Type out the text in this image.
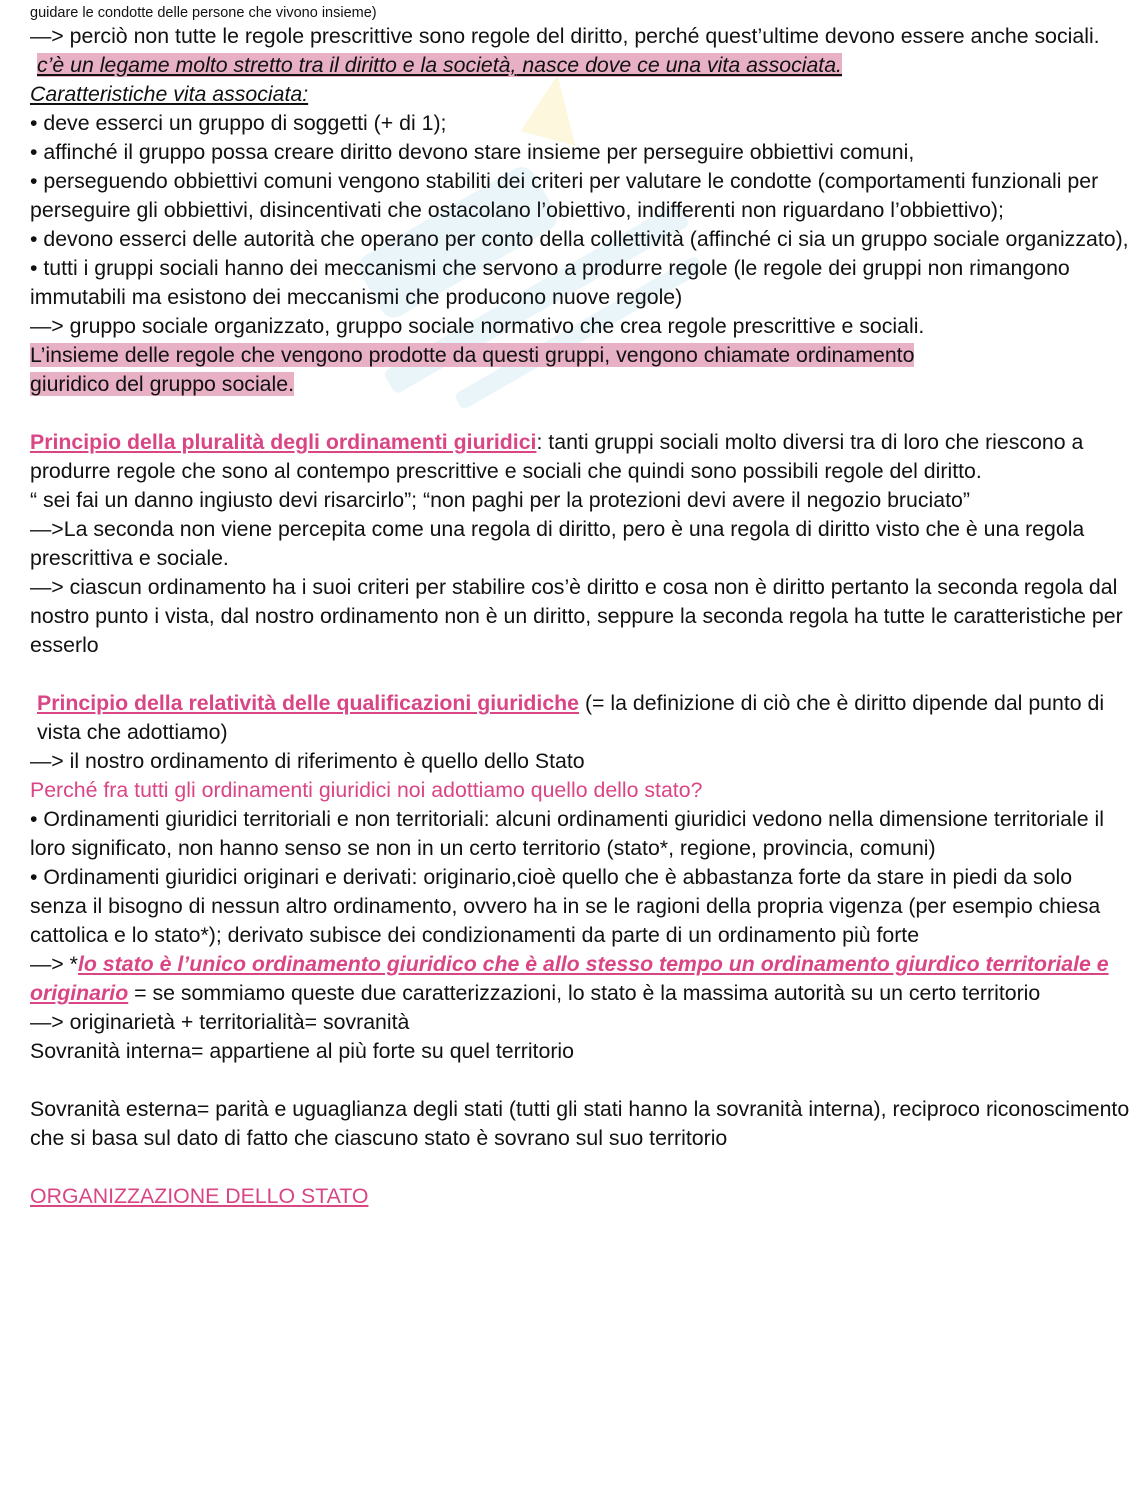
guidare le condotte delle persone che vivono insieme)

—> perciò non tutte le regole prescrittive sono regole del diritto, perché quest’ultime devono essere anche sociali.

c’è un legame molto stretto tra il diritto e la società, nasce dove ce una vita associata.

Caratteristiche vita associata:

• deve esserci un gruppo di soggetti (+ di 1);

• affinché il gruppo possa creare diritto devono stare insieme per perseguire obbiettivi comuni,

• perseguendo obbiettivi comuni vengono stabiliti dei criteri per valutare le condotte (comportamenti funzionali per perseguire gli obbiettivi, disincentivati che ostacolano l’obiettivo, indifferenti non riguardano l’obbiettivo);

• devono esserci delle autorità che operano per conto della collettività (affinché ci sia un gruppo sociale organizzato),

• tutti i gruppi sociali hanno dei meccanismi che servono a produrre regole (le regole dei gruppi non rimangono immutabili ma esistono dei meccanismi che producono nuove regole)

—> gruppo sociale organizzato, gruppo sociale normativo che crea regole prescrittive e sociali.

L’insieme delle regole che vengono prodotte da questi gruppi, vengono chiamate ordinamento
giuridico del gruppo sociale.

Principio della pluralità degli ordinamenti giuridici: tanti gruppi sociali molto diversi tra di loro che riescono a produrre regole che sono al contempo prescrittive e sociali che quindi sono possibili regole del diritto.

“ sei fai un danno ingiusto devi risarcirlo”; “non paghi per la protezioni devi avere il negozio bruciato”

—>La seconda non viene percepita come una regola di diritto, pero è una regola di diritto visto che è una regola prescrittiva e sociale.

—> ciascun ordinamento ha i suoi criteri per stabilire cos’è diritto e cosa non è diritto pertanto la seconda regola dal nostro punto i vista, dal nostro ordinamento non è un diritto, seppure la seconda regola ha tutte le caratteristiche per esserlo

Principio della relatività delle qualificazioni giuridiche (= la definizione di ciò che è diritto dipende dal punto di vista che adottiamo)

—> il nostro ordinamento di riferimento è quello dello Stato

Perché fra tutti gli ordinamenti giuridici noi adottiamo quello dello stato?

• Ordinamenti giuridici territoriali e non territoriali: alcuni ordinamenti giuridici vedono nella dimensione territoriale il loro significato, non hanno senso se non in un certo territorio (stato*, regione, provincia, comuni)

• Ordinamenti giuridici originari e derivati: originario,cioè quello che è abbastanza forte da stare in piedi da solo senza il bisogno di nessun altro ordinamento, ovvero ha in se le ragioni della propria vigenza (per esempio chiesa cattolica e lo stato*); derivato subisce dei condizionamenti da parte di un ordinamento più forte

—> *lo stato è l’unico ordinamento giuridico che è allo stesso tempo un ordinamento giurdico territoriale e originario = se sommiamo queste due caratterizzazioni, lo stato è la massima autorità su un certo territorio

—> originarietà + territorialità= sovranità

Sovranità interna= appartiene al più forte su quel territorio

Sovranità esterna= parità e uguaglianza degli stati (tutti gli stati hanno la sovranità interna), reciproco riconoscimento che si basa sul dato di fatto che ciascuno stato è sovrano sul suo territorio

ORGANIZZAZIONE DELLO STATO
